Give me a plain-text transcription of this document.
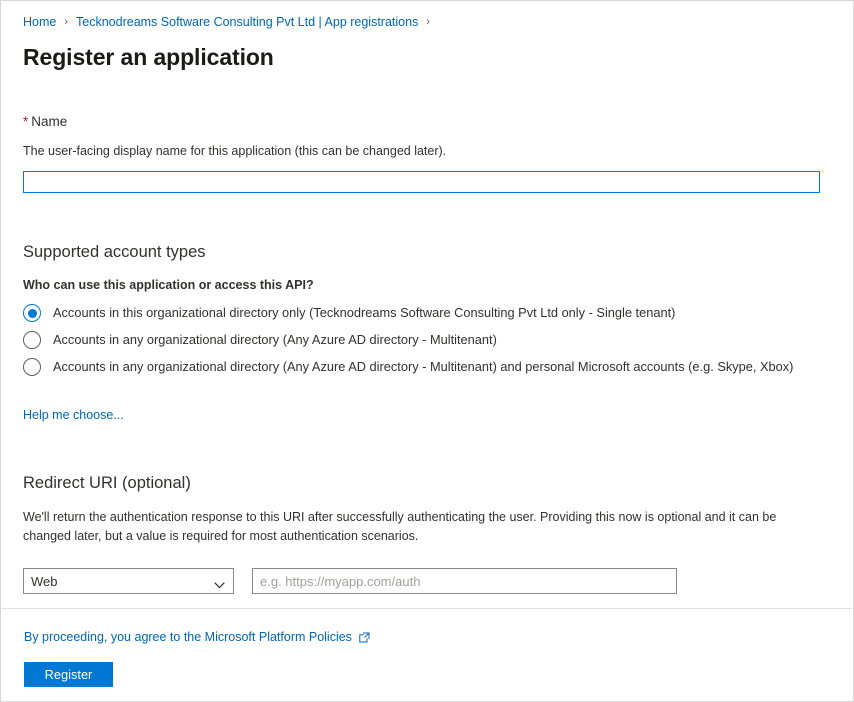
Home › Tecknodreams Software Consulting Pvt Ltd | App registrations ›
Register an application
* Name
The user-facing display name for this application (this can be changed later).
Supported account types
Who can use this application or access this API?
Accounts in this organizational directory only (Tecknodreams Software Consulting Pvt Ltd only - Single tenant)
Accounts in any organizational directory (Any Azure AD directory - Multitenant)
Accounts in any organizational directory (Any Azure AD directory - Multitenant) and personal Microsoft accounts (e.g. Skype, Xbox)
Help me choose...
Redirect URI (optional)
We'll return the authentication response to this URI after successfully authenticating the user. Providing this now is optional and it can be changed later, but a value is required for most authentication scenarios.
Web
e.g. https://myapp.com/auth
By proceeding, you agree to the Microsoft Platform Policies
Register
